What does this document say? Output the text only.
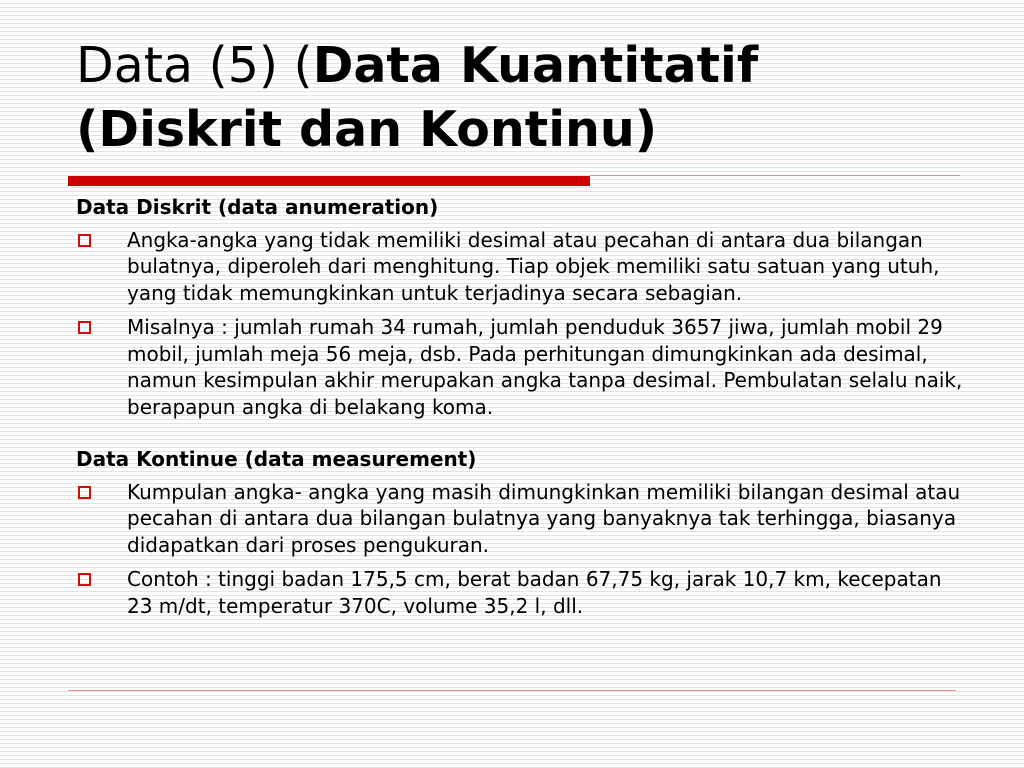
Data (5) (Data Kuantitatif (Diskrit dan Kontinu)
Data Diskrit (data anumeration)
Angka-angka yang tidak memiliki desimal atau pecahan di antara dua bilangan bulatnya, diperoleh dari menghitung. Tiap objek memiliki satu satuan yang utuh, yang tidak memungkinkan untuk terjadinya secara sebagian.
Misalnya : jumlah rumah 34 rumah, jumlah penduduk 3657 jiwa, jumlah mobil 29 mobil, jumlah meja 56 meja, dsb. Pada perhitungan dimungkinkan ada desimal, namun kesimpulan akhir merupakan angka tanpa desimal. Pembulatan selalu naik, berapapun angka di belakang koma.
Data Kontinue (data measurement)
Kumpulan angka- angka yang masih dimungkinkan memiliki bilangan desimal atau pecahan di antara dua bilangan bulatnya yang banyaknya tak terhingga, biasanya didapatkan dari proses pengukuran.
Contoh : tinggi badan 175,5 cm, berat badan 67,75 kg, jarak 10,7 km, kecepatan 23 m/dt, temperatur 370C, volume 35,2 l, dll.
